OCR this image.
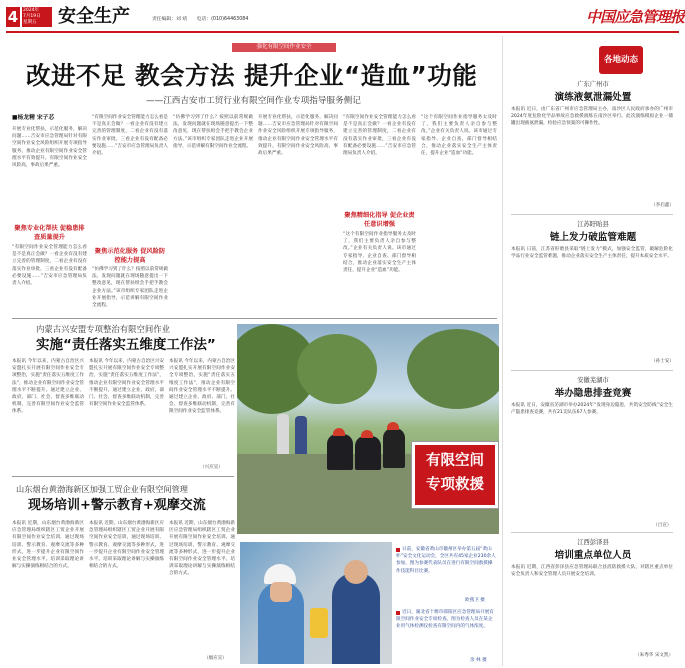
4	2024年
7月19日
星期五	安全生产	责任编辑：刘 靖 电话：(010)64463084	中国应急管理报
强化有限空间作业安全
改进不足 教会方法 提升企业“造血”功能
——江西吉安市工贸行业有限空间作业专项指导服务侧记
■杨龙精 宋子芯
开展专业化帮扶，示范化服务，解决问题……吉安市应急管理局针对有限空间作业安全风险组织开展专项指导服务，推动企业有限空间作业安全管理水平有效提升。有限空间作业安全风险高，事故后果严重。
聚焦专业化帮扶 促稳患排查质量提升
“有限空间作业安全管理能力怎么看是不是真正会做？一看企业有没有建立完善的管理制度，二看企业有没有落实作业审批，三看企业有没有配备必要设施……”吉安市应急管理局负责人介绍。
“有限空间作业安全管理能力怎么看是不是真正会做？一看企业有没有建立完善的管理制度，二看企业有没有落实作业审批，三看企业有没有配备必要设施……”吉安市应急管理局负责人介绍。
聚焦示范化服务 促风险防控能力提高
“仿佛学习到了什么？按照以前常规做法，发现问题就在现场随意提出一下整改意见，现在帮扶组会手把手教会企业方法。”该市组织专家团队走进企业开展指导，示范讲解有限空间作业全流程。
“仿佛学习到了什么？按照以前常规做法，发现问题就在现场随意提出一下整改意见，现在帮扶组会手把手教会企业方法。”该市组织专家团队走进企业开展指导，示范讲解有限空间作业全流程。
开展专业化帮扶，示范化服务，解决问题……吉安市应急管理局针对有限空间作业安全风险组织开展专项指导服务，推动企业有限空间作业安全管理水平有效提升。有限空间作业安全风险高，事故后果严重。
“有限空间作业安全管理能力怎么看是不是真正会做？一看企业有没有建立完善的管理制度，二看企业有没有落实作业审批，三看企业有没有配备必要设施……”吉安市应急管理局负责人介绍。
聚焦精细化指导 促企业责任意识增强
“这个有限空间作业指导服务太及时了，我们主要负责人亲自参与整改。”企业有关负责人说。该市通过专家指导、企业自查、部门督导相结合，推动企业落实安全生产主体责任，提升企业“造血”功能。
“这个有限空间作业指导服务太及时了，我们主要负责人亲自参与整改。”企业有关负责人说。该市通过专家指导、企业自查、部门督导相结合，推动企业落实安全生产主体责任，提升企业“造血”功能。
内蒙古兴安盟专项整治有限空间作业
实施“责任落实五维度工作法”
本报讯 今年以来，内蒙古自治区兴安盟扎实开展有限空间作业安全专项整治，实施“责任落实五维度工作法”，推动企业有限空间作业安全管理水平不断提升。通过建立企业、政府、部门、社会、督查多维联动机制，完善有限空间作业安全监管体系。
本报讯 今年以来，内蒙古自治区兴安盟扎实开展有限空间作业安全专项整治，实施“责任落实五维度工作法”，推动企业有限空间作业安全管理水平不断提升。通过建立企业、政府、部门、社会、督查多维联动机制，完善有限空间作业安全监管体系。
本报讯 今年以来，内蒙古自治区兴安盟扎实开展有限空间作业安全专项整治，实施“责任落实五维度工作法”，推动企业有限空间作业安全管理水平不断提升。通过建立企业、政府、部门、社会、督查多维联动机制，完善有限空间作业安全监管体系。
（兴应宣）
山东烟台黄渤海新区加强工贸企业有限空间管理
现场培训+警示教育+观摩交流
本报讯 近期，山东烟台黄渤海新区应急管理局组织辖区工贸企业开展有限空间作业安全培训，通过现场培训、警示教育、观摩交流等多种形式，进一步提升企业有限空间作业安全管理水平。培训采取理论讲解与实操演练相结合的方式。
本报讯 近期，山东烟台黄渤海新区应急管理局组织辖区工贸企业开展有限空间作业安全培训，通过现场培训、警示教育、观摩交流等多种形式，进一步提升企业有限空间作业安全管理水平。培训采取理论讲解与实操演练相结合的方式。
本报讯 近期，山东烟台黄渤海新区应急管理局组织辖区工贸企业开展有限空间作业安全培训，通过现场培训、警示教育、观摩交流等多种形式，进一步提升企业有限空间作业安全管理水平。培训采取理论讲解与实操演练相结合的方式。
（烟应宣）
有限空间
专项救援
日前，安徽省黄山市徽州区举办第五届“黄山杯”安全文化运动会，全区共有45家企业230余人参加，图为参赛代表队员在进行有限空间救援操作技能科目比赛。
欧燕卫 摄
近日，湖北省十堰市郧阳区应急管理局开展有限空间作业安全专项检查。图为检查人员在某企业用气体检测仪检查有限空间内的气体浓度。
余 林 摄
各地动态
广东广州市
演练液氨泄漏处置
本报讯 近日，由广东省广州市应急管理局主办，南沙区人民政府承办的广州市2024年度危险化学品事故应急救援演练在南沙区举行。此次演练模拟企业一储罐出现液氨泄漏，检验应急预案的可操作性。
（李启鑫）
江苏盱眙县
链上发力破监管难题
本报讯 日前，江苏省盱眙县采取“链上发力”模式，加强安全监管，破解危险化学品行业安全监管难题，推动企业落实安全生产主体责任，提升本质安全水平。
（孙士安）
安徽芜湖市
举办隐患排查竞赛
本报讯 近日，安徽省芜湖市举办2024年“发现身边隐患，共筑安全防线”安全生产隐患排查竞赛，共有21支队伍67人参赛。
（吕宣）
江西彭泽县
培训重点单位人员
本报讯 近期，江西省彭泽县应急管理局联合县消防救援大队，对辖区重点单位安全负责人和安全管理人员开展安全培训。
（朱秀华 宋文凯）
